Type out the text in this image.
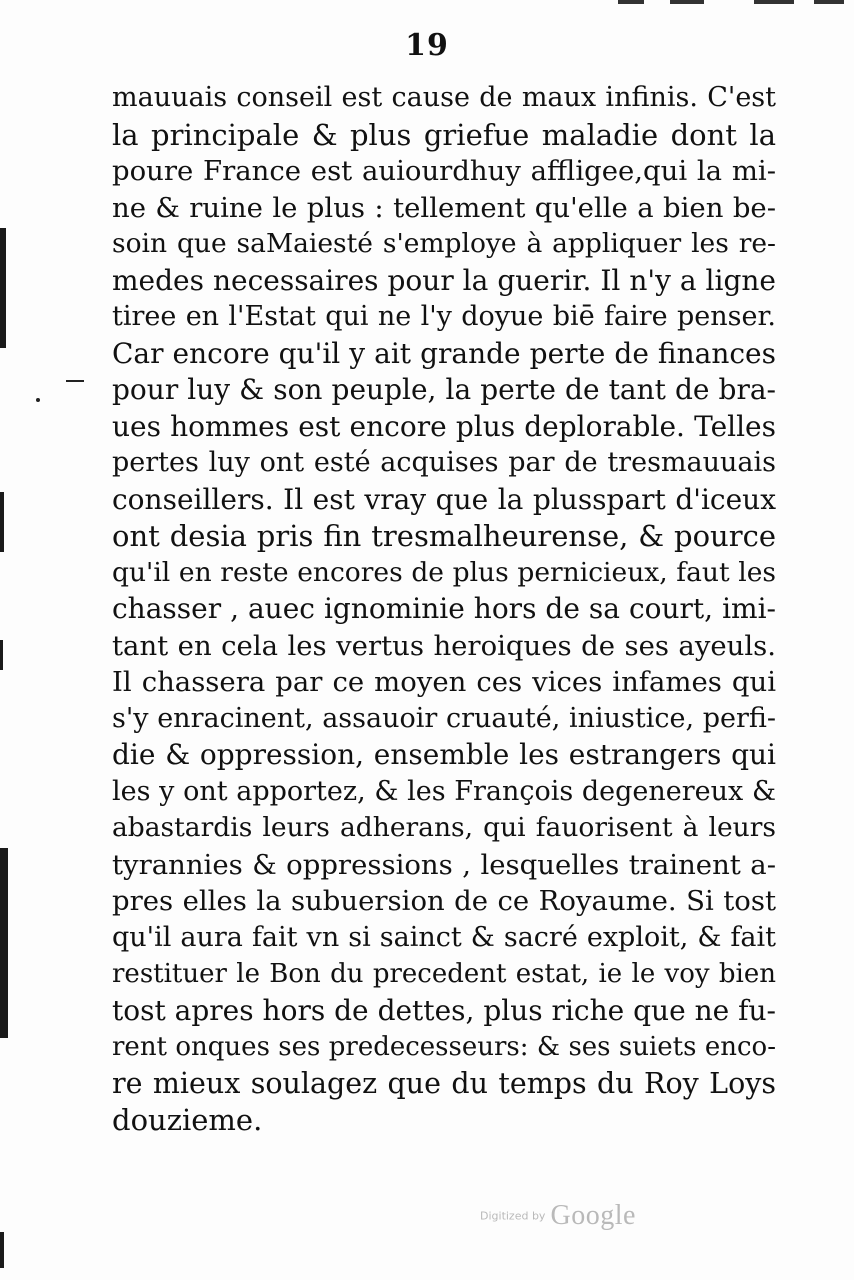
19
mauuais conseil est cause de maux infinis. C'est
la principale & plus griefue maladie dont la
poure France est auiourdhuy affligee,qui la mi-
ne & ruine le plus : tellement qu'elle a bien be-
soin que saMaiesté s'employe à appliquer les re-
medes necessaires pour la guerir. Il n'y a ligne
tiree en l'Estat qui ne l'y doyue biē faire penser.
Car encore qu'il y ait grande perte de finances
pour luy & son peuple, la perte de tant de bra-
ues hommes est encore plus deplorable. Telles
pertes luy ont esté acquises par de tresmauuais
conseillers. Il est vray que la plusspart d'iceux
ont desia pris fin tresmalheurense, & pource
qu'il en reste encores de plus pernicieux, faut les
chasser , auec ignominie hors de sa court, imi-
tant en cela les vertus heroiques de ses ayeuls.
Il chassera par ce moyen ces vices infames qui
s'y enracinent, assauoir cruauté, iniustice, perfi-
die & oppression, ensemble les estrangers qui
les y ont apportez, & les François degenereux &
abastardis leurs adherans, qui fauorisent à leurs
tyrannies & oppressions , lesquelles trainent a-
pres elles la subuersion de ce Royaume. Si tost
qu'il aura fait vn si sainct & sacré exploit, & fait
restituer le Bon du precedent estat, ie le voy bien
tost apres hors de dettes, plus riche que ne fu-
rent onques ses predecesseurs: & ses suiets enco-
re mieux soulagez que du temps du Roy Loys
douzieme.
Digitized by Google
